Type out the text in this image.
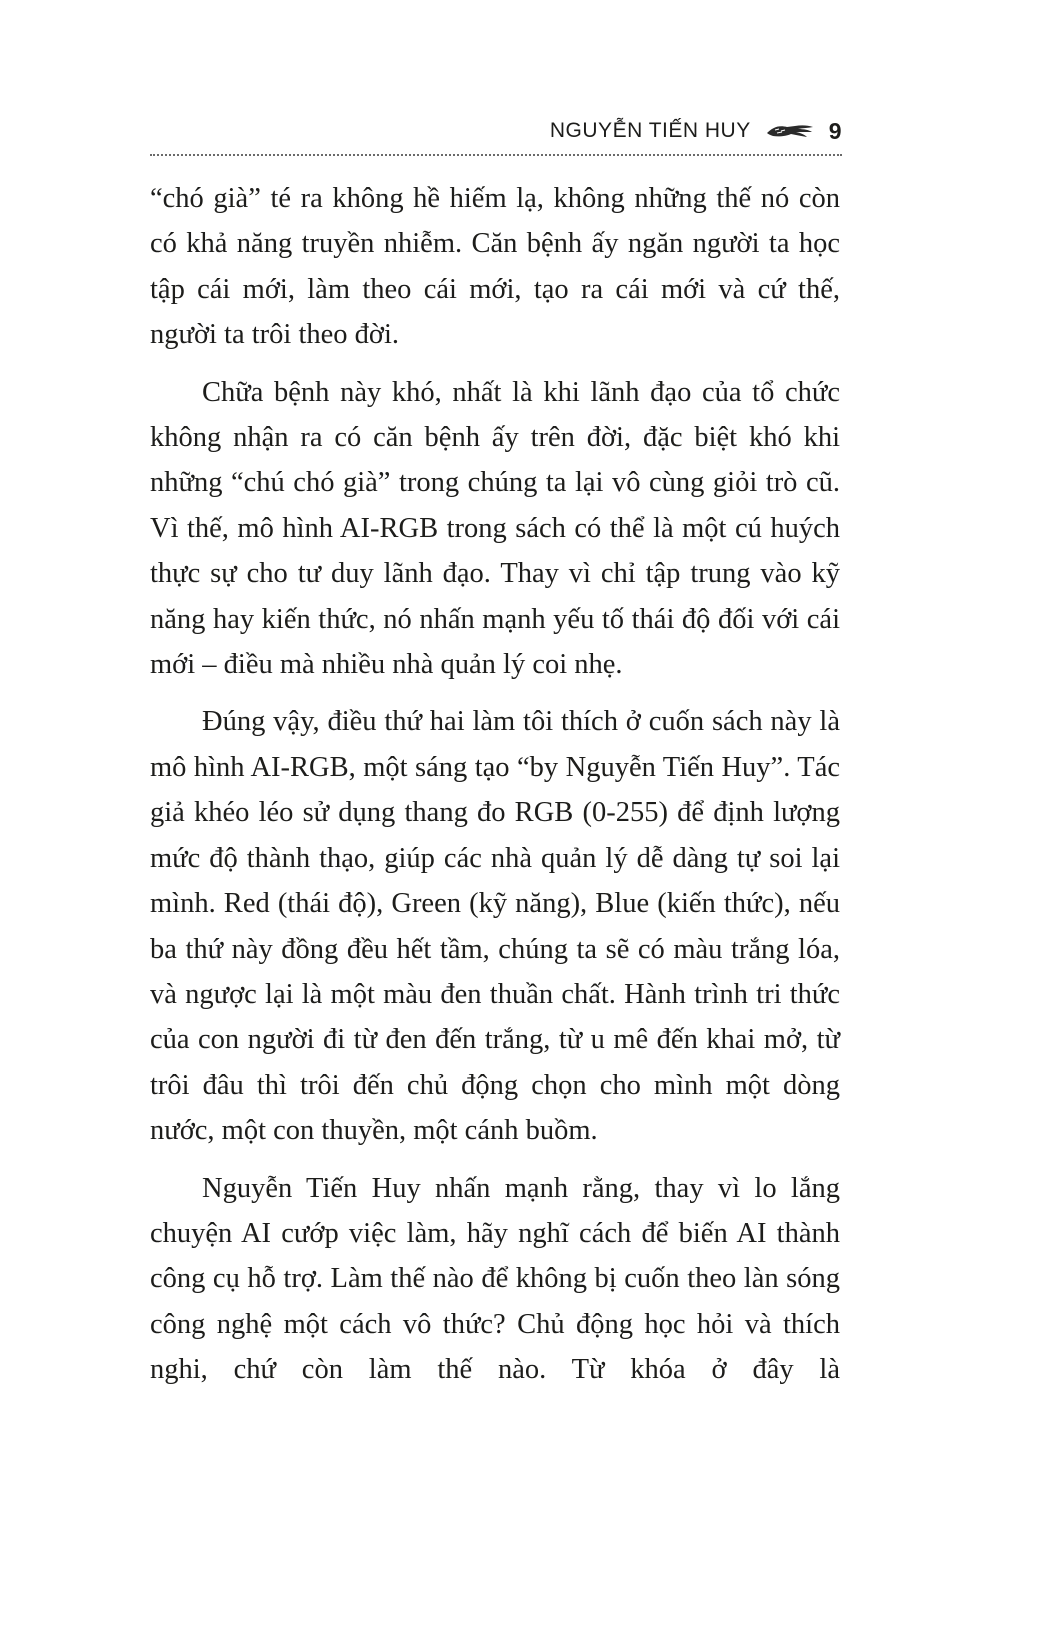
NGUYỄN TIẾN HUY	9

“chó già” té ra không hề hiếm lạ, không những thế nó còn có khả năng truyền nhiễm. Căn bệnh ấy ngăn người ta học tập cái mới, làm theo cái mới, tạo ra cái mới và cứ thế, người ta trôi theo đời.

Chữa bệnh này khó, nhất là khi lãnh đạo của tổ chức không nhận ra có căn bệnh ấy trên đời, đặc biệt khó khi những “chú chó già” trong chúng ta lại vô cùng giỏi trò cũ. Vì thế, mô hình AI-RGB trong sách có thể là một cú huých thực sự cho tư duy lãnh đạo. Thay vì chỉ tập trung vào kỹ năng hay kiến thức, nó nhấn mạnh yếu tố thái độ đối với cái mới – điều mà nhiều nhà quản lý coi nhẹ.

Đúng vậy, điều thứ hai làm tôi thích ở cuốn sách này là mô hình AI-RGB, một sáng tạo “by Nguyễn Tiến Huy”. Tác giả khéo léo sử dụng thang đo RGB (0-255) để định lượng mức độ thành thạo, giúp các nhà quản lý dễ dàng tự soi lại mình. Red (thái độ), Green (kỹ năng), Blue (kiến thức), nếu ba thứ này đồng đều hết tầm, chúng ta sẽ có màu trắng lóa, và ngược lại là một màu đen thuần chất. Hành trình tri thức của con người đi từ đen đến trắng, từ u mê đến khai mở, từ trôi đâu thì trôi đến chủ động chọn cho mình một dòng nước, một con thuyền, một cánh buồm.

Nguyễn Tiến Huy nhấn mạnh rằng, thay vì lo lắng chuyện AI cướp việc làm, hãy nghĩ cách để biến AI thành công cụ hỗ trợ. Làm thế nào để không bị cuốn theo làn sóng công nghệ một cách vô thức? Chủ động học hỏi và thích nghi, chứ còn làm thế nào. Từ khóa ở đây là
